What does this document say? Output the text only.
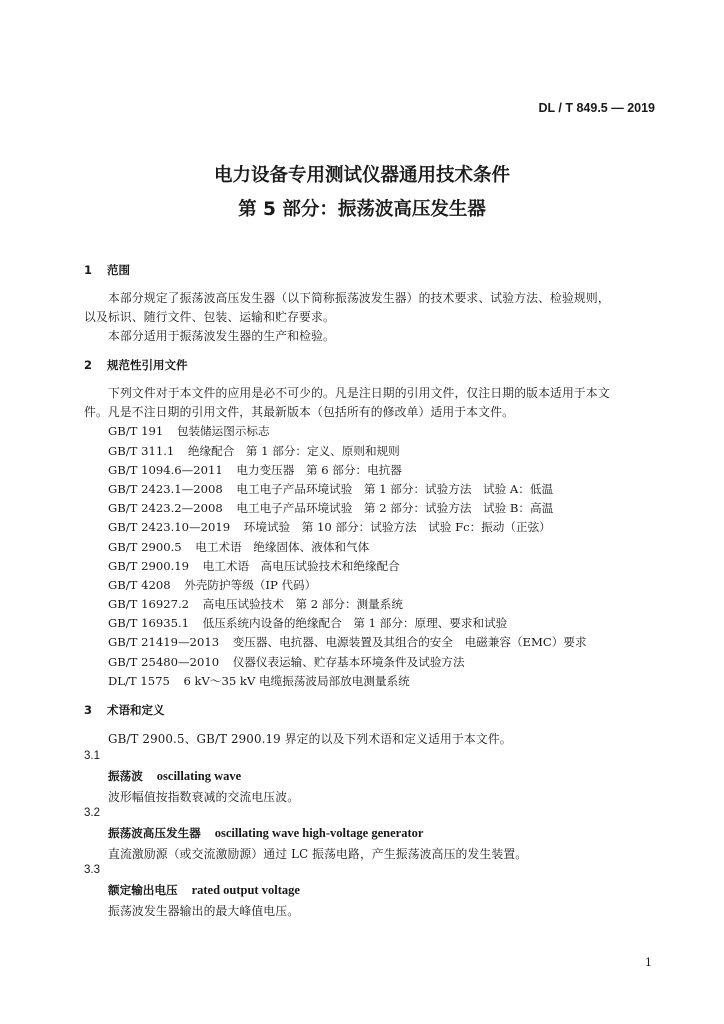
DL / T 849.5 — 2019
电力设备专用测试仪器通用技术条件
第 5 部分：振荡波高压发生器
1 范围
本部分规定了振荡波高压发生器（以下简称振荡波发生器）的技术要求、试验方法、检验规则，
以及标识、随行文件、包装、运输和贮存要求。
本部分适用于振荡波发生器的生产和检验。
2 规范性引用文件
下列文件对于本文件的应用是必不可少的。凡是注日期的引用文件，仅注日期的版本适用于本文
件。凡是不注日期的引用文件，其最新版本（包括所有的修改单）适用于本文件。
GB/T 191　 包装储运图示标志
GB/T 311.1　 绝缘配合　第 1 部分：定义、原则和规则
GB/T 1094.6—2011　 电力变压器　第 6 部分：电抗器
GB/T 2423.1—2008　 电工电子产品环境试验　第 1 部分：试验方法　试验 A：低温
GB/T 2423.2—2008　 电工电子产品环境试验　第 2 部分：试验方法　试验 B：高温
GB/T 2423.10—2019　 环境试验　第 10 部分：试验方法　试验 Fc：振动（正弦）
GB/T 2900.5　 电工术语　绝缘固体、液体和气体
GB/T 2900.19　 电工术语　高电压试验技术和绝缘配合
GB/T 4208　 外壳防护等级（IP 代码）
GB/T 16927.2　 高电压试验技术　第 2 部分：测量系统
GB/T 16935.1　 低压系统内设备的绝缘配合　第 1 部分：原理、要求和试验
GB/T 21419—2013　 变压器、电抗器、电源装置及其组合的安全　电磁兼容（EMC）要求
GB/T 25480—2010　 仪器仪表运输、贮存基本环境条件及试验方法
DL/T 1575　 6 kV～35 kV 电缆振荡波局部放电测量系统
3 术语和定义
GB/T 2900.5、GB/T 2900.19 界定的以及下列术语和定义适用于本文件。
3.1
振荡波 oscillating wave
波形幅值按指数衰减的交流电压波。
3.2
振荡波高压发生器 oscillating wave high-voltage generator
直流激励源（或交流激励源）通过 LC 振荡电路，产生振荡波高压的发生装置。
3.3
额定输出电压 rated output voltage
振荡波发生器输出的最大峰值电压。
1
